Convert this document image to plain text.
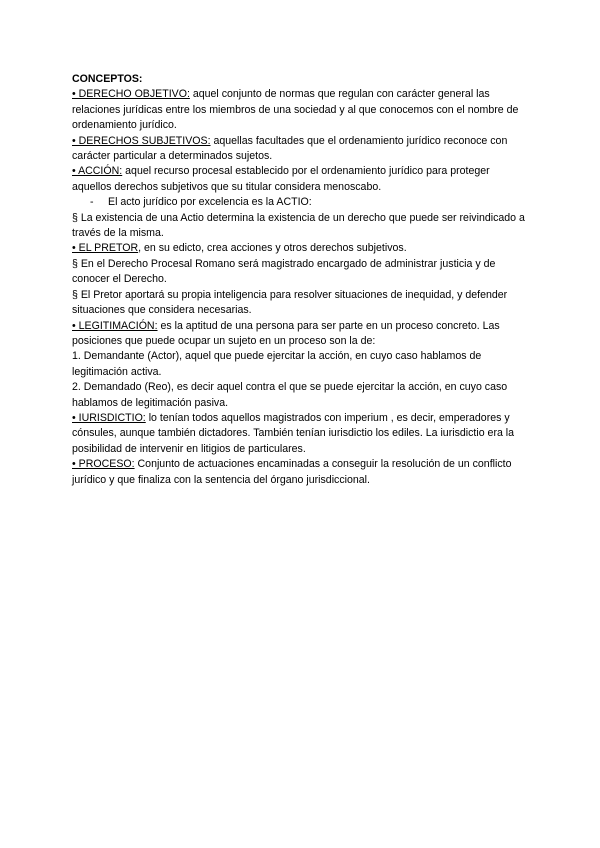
CONCEPTOS:

• DERECHO OBJETIVO: aquel conjunto de normas que regulan con carácter general las relaciones jurídicas entre los miembros de una sociedad y al que conocemos con el nombre de ordenamiento jurídico.

• DERECHOS SUBJETIVOS: aquellas facultades que el ordenamiento jurídico reconoce con carácter particular a determinados sujetos.

• ACCIÓN: aquel recurso procesal establecido por el ordenamiento jurídico para proteger aquellos derechos subjetivos que su titular considera menoscabo.

- El acto jurídico por excelencia es la ACTIO:

§ La existencia de una Actio determina la existencia de un derecho que puede ser reivindicado a través de la misma.

• EL PRETOR, en su edicto, crea acciones y otros derechos subjetivos.

§ En el Derecho Procesal Romano será magistrado encargado de administrar justicia y de conocer el Derecho.

§ El Pretor aportará su propia inteligencia para resolver situaciones de inequidad, y defender situaciones que considera necesarias.

• LEGITIMACIÓN: es la aptitud de una persona para ser parte en un proceso concreto. Las posiciones que puede ocupar un sujeto en un proceso son la de:

1. Demandante (Actor), aquel que puede ejercitar la acción, en cuyo caso hablamos de legitimación activa.

2. Demandado (Reo), es decir aquel contra el que se puede ejercitar la acción, en cuyo caso hablamos de legitimación pasiva.

• IURISDICTIO: lo tenían todos aquellos magistrados con imperium , es decir, emperadores y cónsules, aunque también dictadores. También tenían iurisdictio los ediles. La iurisdictio era la posibilidad de intervenir en litigios de particulares.

• PROCESO: Conjunto de actuaciones encaminadas a conseguir la resolución de un conflicto jurídico y que finaliza con la sentencia del órgano jurisdiccional.
